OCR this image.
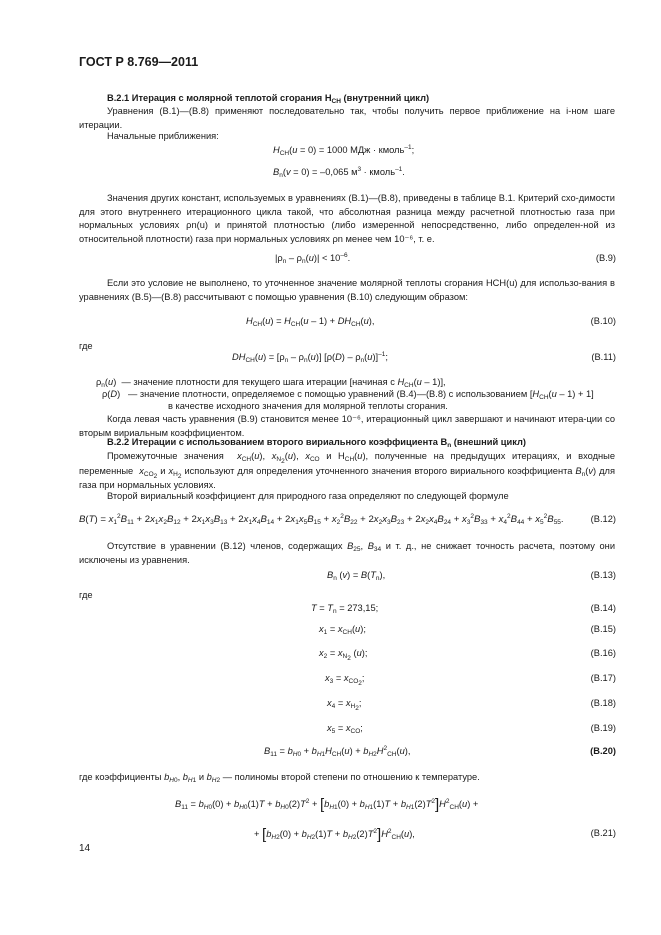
ГОСТ Р 8.769—2011
В.2.1 Итерация с молярной теплотой сгорания $H_{СН}$ (внутренний цикл)
Уравнения (В.1)—(В.8) применяют последовательно так, чтобы получить первое приближение на i-ном шаге итерации.
Начальные приближения:
$H_{СН}(u = 0) = 1000$ МДж · кмоль$^{-1}$;
$B_n(v = 0) = -0,065$ $м^3$ · кмоль$^{-1}$.
Значения других констант, используемых в уравнениях (В.1)—(В.8), приведены в таблице В.1. Критерий схо-димости для этого внутреннего итерационного цикла такой, что абсолютная разница между расчетной плотностью газа при нормальных условиях ρn(u) и принятой плотностью (либо измеренной непосредственно, либо определен-ной из относительной плотности) газа при нормальных условиях ρn менее чем 10⁻⁶, т. е.
$|\rho_n - \rho_n(u)| < 10^{-6}$.	(В.9)
Если это условие не выполнено, то уточненное значение молярной теплоты сгорания HCH(u) для использо-вания в уравнениях (В.5)—(В.8) рассчитывают с помощью уравнения (В.10) следующим образом:
$H_{СН}(u) = H_{СН}(u - 1) + DH_{СН}(u)$,	(В.10)
где
$DH_{СН}(u) = [\rho_n - \rho_n(u)]$ $[\rho(D) - \rho_n(u)]^{-1}$;	(В.11)
$\rho_n(u)$  — значение плотности для текущего шага итерации [начиная с $H_{СН}(u - 1)$],
ρ(D)   — значение плотности, определяемое с помощью уравнений (В.4)—(В.8) с использованием $[H_{СН}(u - 1) + 1]$
в качестве исходного значения для молярной теплоты сгорания.
Когда левая часть уравнения (В.9) становится менее 10⁻⁶, итерационный цикл завершают и начинают итера-ции со вторым вириальным коэффициентом.
В.2.2 Итерации с использованием второго вириального коэффициента $B_n$ (внешний цикл)
Промежуточные значения  $x_{СН}(u)$, $x_{N_2}(u)$, $x_{СО}$ и $H_{СН}(u)$, полученные на предыдущих итерациях, и входные переменные  $x_{CO_2}$ и $x_{H_2}$ используют для определения уточненного значения второго вириального коэффициента $B_n(v)$ для газа при нормальных условиях.
Второй вириальный коэффициент для природного газа определяют по следующей формуле
$B(T) = x_1^2B_{11} + 2x_1x_2B_{12} + 2x_1x_3B_{13} + 2x_1x_4B_{14} + 2x_1x_5B_{15} + x_2^2B_{22} + 2x_2x_3B_{23} + 2x_2x_4B_{24} + x_3^2B_{33} + x_4^2B_{44} + x_5^2B_{55}$.	(В.12)
Отсутствие в уравнении (В.12) членов, содержащих $B_{25}$, $B_{34}$ и т. д., не снижает точность расчета, поэтому они исключены из уравнения.
$B_n$ $(v) = B(T_n)$,	(В.13)
где
$T = T_n = 273,15$;	(В.14)
$x_1 = x_{СН}(u)$;	(В.15)
$x_2 = x_{N_2}$ (u);	(В.16)
$x_3 = x_{CO_2}$;	(В.17)
$x_4 = x_{H_2}$;	(В.18)
$x_5 = x_{CO}$;	(В.19)
$B_{11} = b_{H0} + b_{H1}H_{CH}(u) + b_{H2}H^2_{CH}(u)$,	(В.20)
где коэффициенты $b_{H0}$, $b_{H1}$ и $b_{H2}$ — полиномы второй степени по отношению к температуре.
$B_{11} = b_{H0}(0) + b_{H0}(1)T + b_{H0}(2)T^2 + [b_{H1}(0) + b_{H1}(1)T + b_{H1}(2)T^2]H^2_{CH}(u)$ +
+ $[b_{H2}(0) + b_{H2}(1)T + b_{H2}(2)T^2]H^2_{CH}(u)$,	(В.21)
14
